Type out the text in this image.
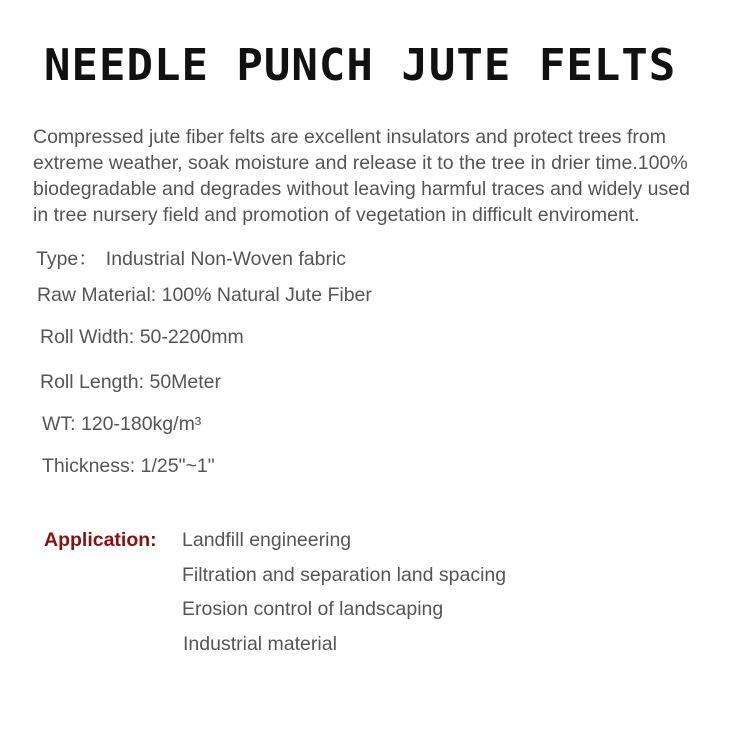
NEEDLE PUNCH JUTE FELTS

Compressed jute fiber felts are excellent insulators and protect trees from
extreme weather, soak moisture and release it to the tree in drier time.100%
biodegradable and degrades without leaving harmful traces and widely used
in tree nursery field and promotion of vegetation in difficult enviroment.

Type： Industrial Non-Woven fabric
Raw Material: 100% Natural Jute Fiber
Roll Width: 50-2200mm
Roll Length: 50Meter
WT: 120-180kg/m³
Thickness: 1/25"~1"
Application: Landfill engineering
Filtration and separation land spacing
Erosion control of landscaping
Industrial material
